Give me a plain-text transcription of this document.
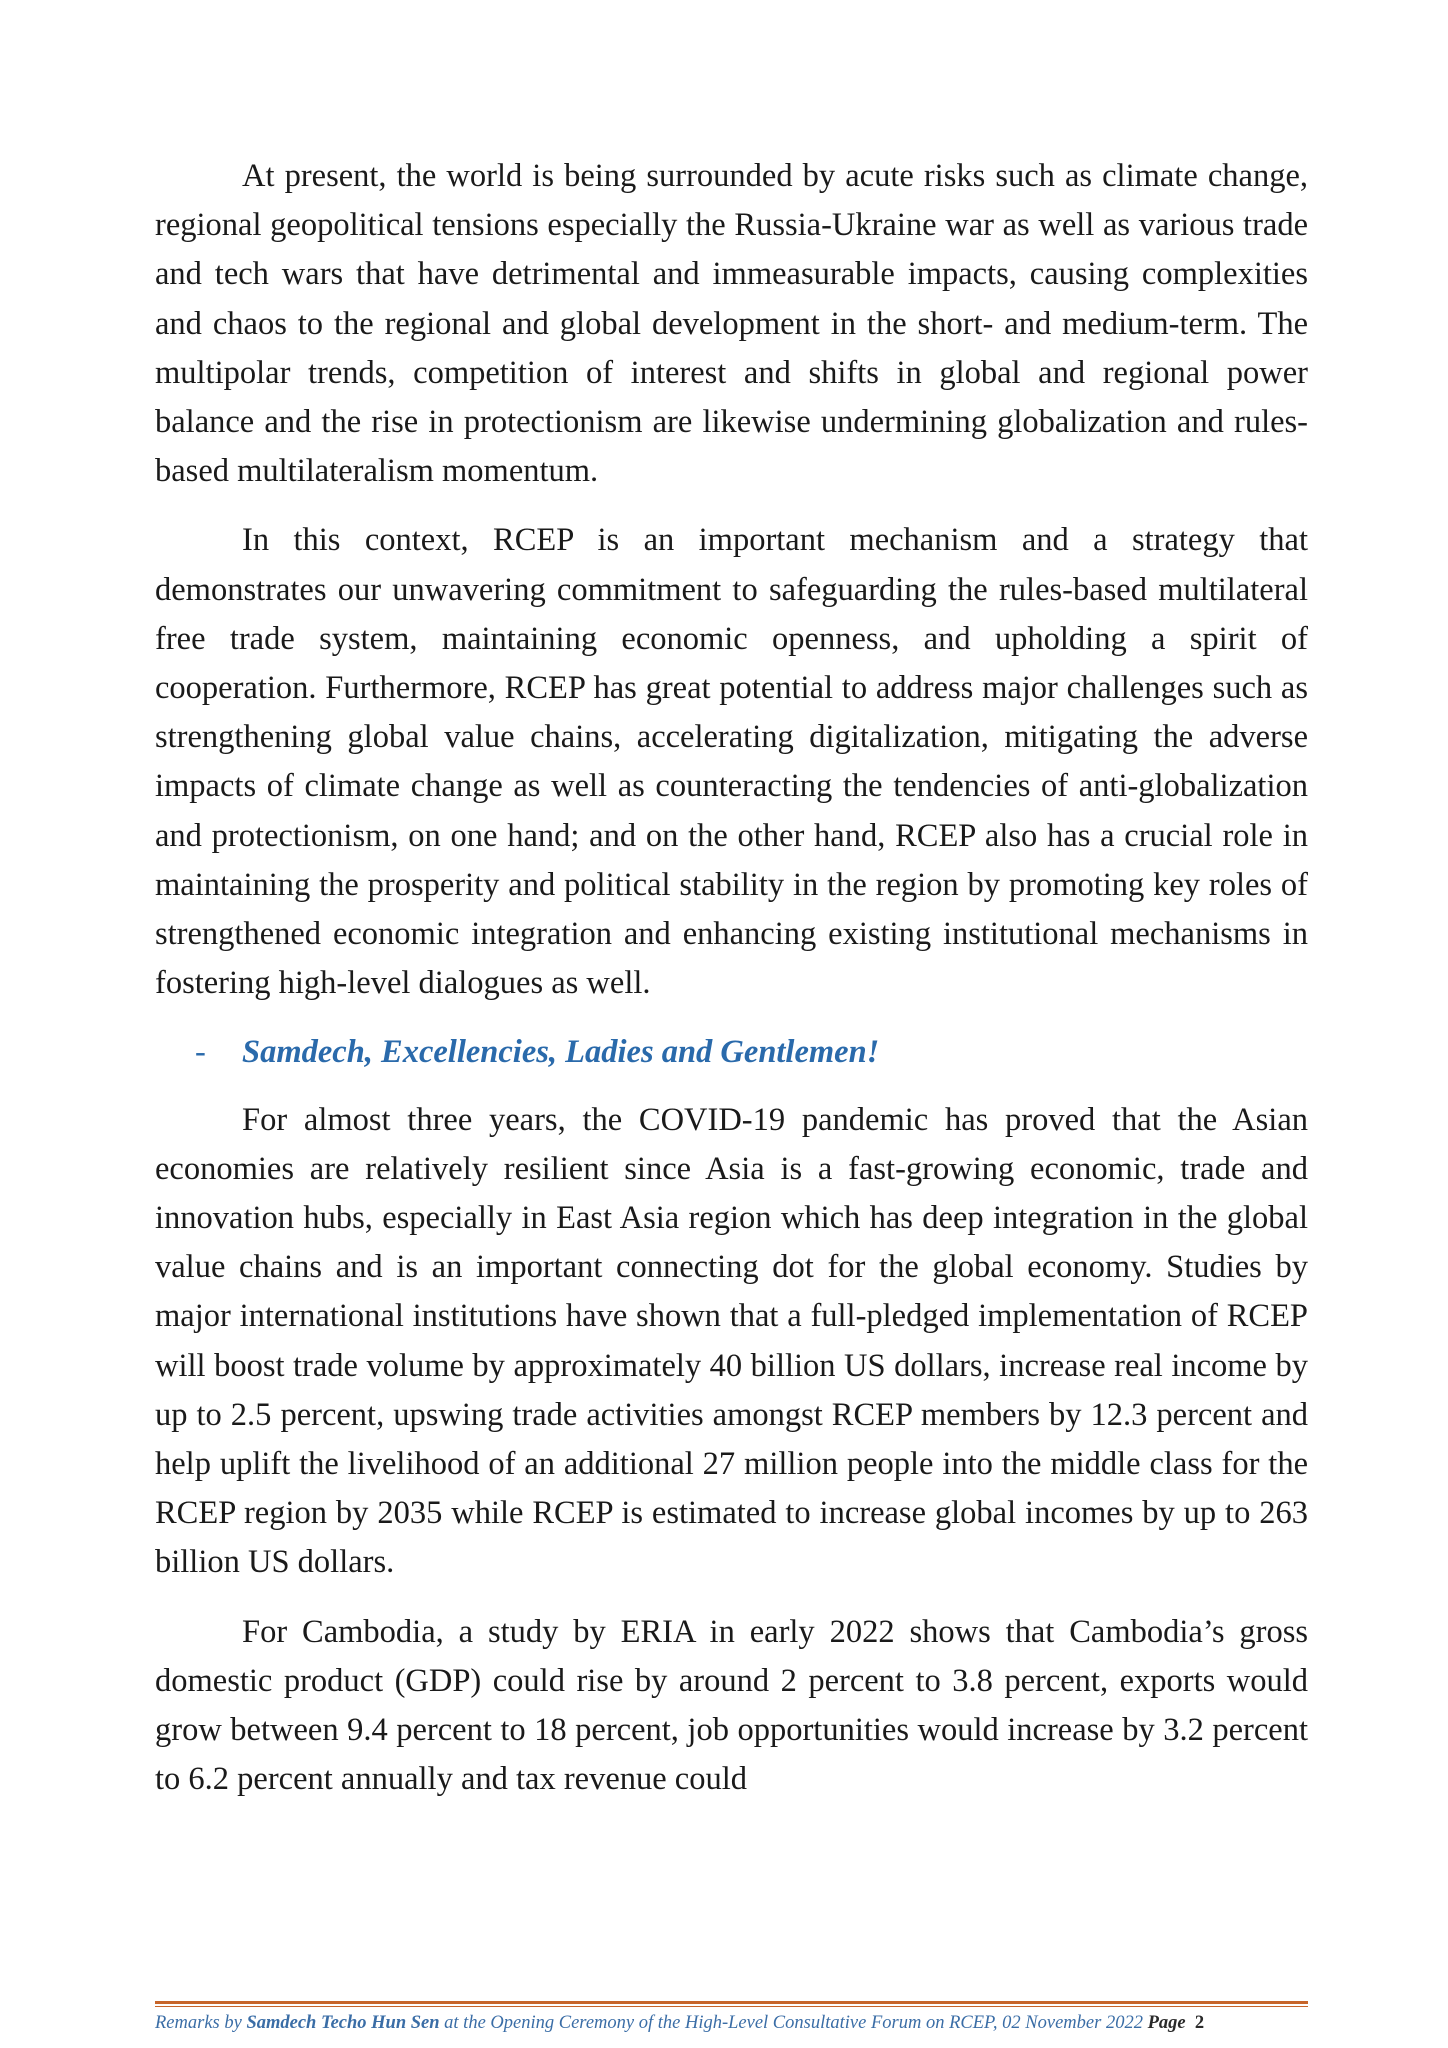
At present, the world is being surrounded by acute risks such as climate change, regional geopolitical tensions especially the Russia-Ukraine war as well as various trade and tech wars that have detrimental and immeasurable impacts, causing complexities and chaos to the regional and global development in the short- and medium-term. The multipolar trends, competition of interest and shifts in global and regional power balance and the rise in protectionism are likewise undermining globalization and rules-based multilateralism momentum.

In this context, RCEP is an important mechanism and a strategy that demonstrates our unwavering commitment to safeguarding the rules-based multilateral free trade system, maintaining economic openness, and upholding a spirit of cooperation. Furthermore, RCEP has great potential to address major challenges such as strengthening global value chains, accelerating digitalization, mitigating the adverse impacts of climate change as well as counteracting the tendencies of anti-globalization and protectionism, on one hand; and on the other hand, RCEP also has a crucial role in maintaining the prosperity and political stability in the region by promoting key roles of strengthened economic integration and enhancing existing institutional mechanisms in fostering high-level dialogues as well.

- Samdech, Excellencies, Ladies and Gentlemen!

For almost three years, the COVID-19 pandemic has proved that the Asian economies are relatively resilient since Asia is a fast-growing economic, trade and innovation hubs, especially in East Asia region which has deep integration in the global value chains and is an important connecting dot for the global economy. Studies by major international institutions have shown that a full-pledged implementation of RCEP will boost trade volume by approximately 40 billion US dollars, increase real income by up to 2.5 percent, upswing trade activities amongst RCEP members by 12.3 percent and help uplift the livelihood of an additional 27 million people into the middle class for the RCEP region by 2035 while RCEP is estimated to increase global incomes by up to 263 billion US dollars.

For Cambodia, a study by ERIA in early 2022 shows that Cambodia’s gross domestic product (GDP) could rise by around 2 percent to 3.8 percent, exports would grow between 9.4 percent to 18 percent, job opportunities would increase by 3.2 percent to 6.2 percent annually and tax revenue could

Remarks by Samdech Techo Hun Sen at the Opening Ceremony of the High-Level Consultative Forum on RCEP, 02 November 2022 Page 2
